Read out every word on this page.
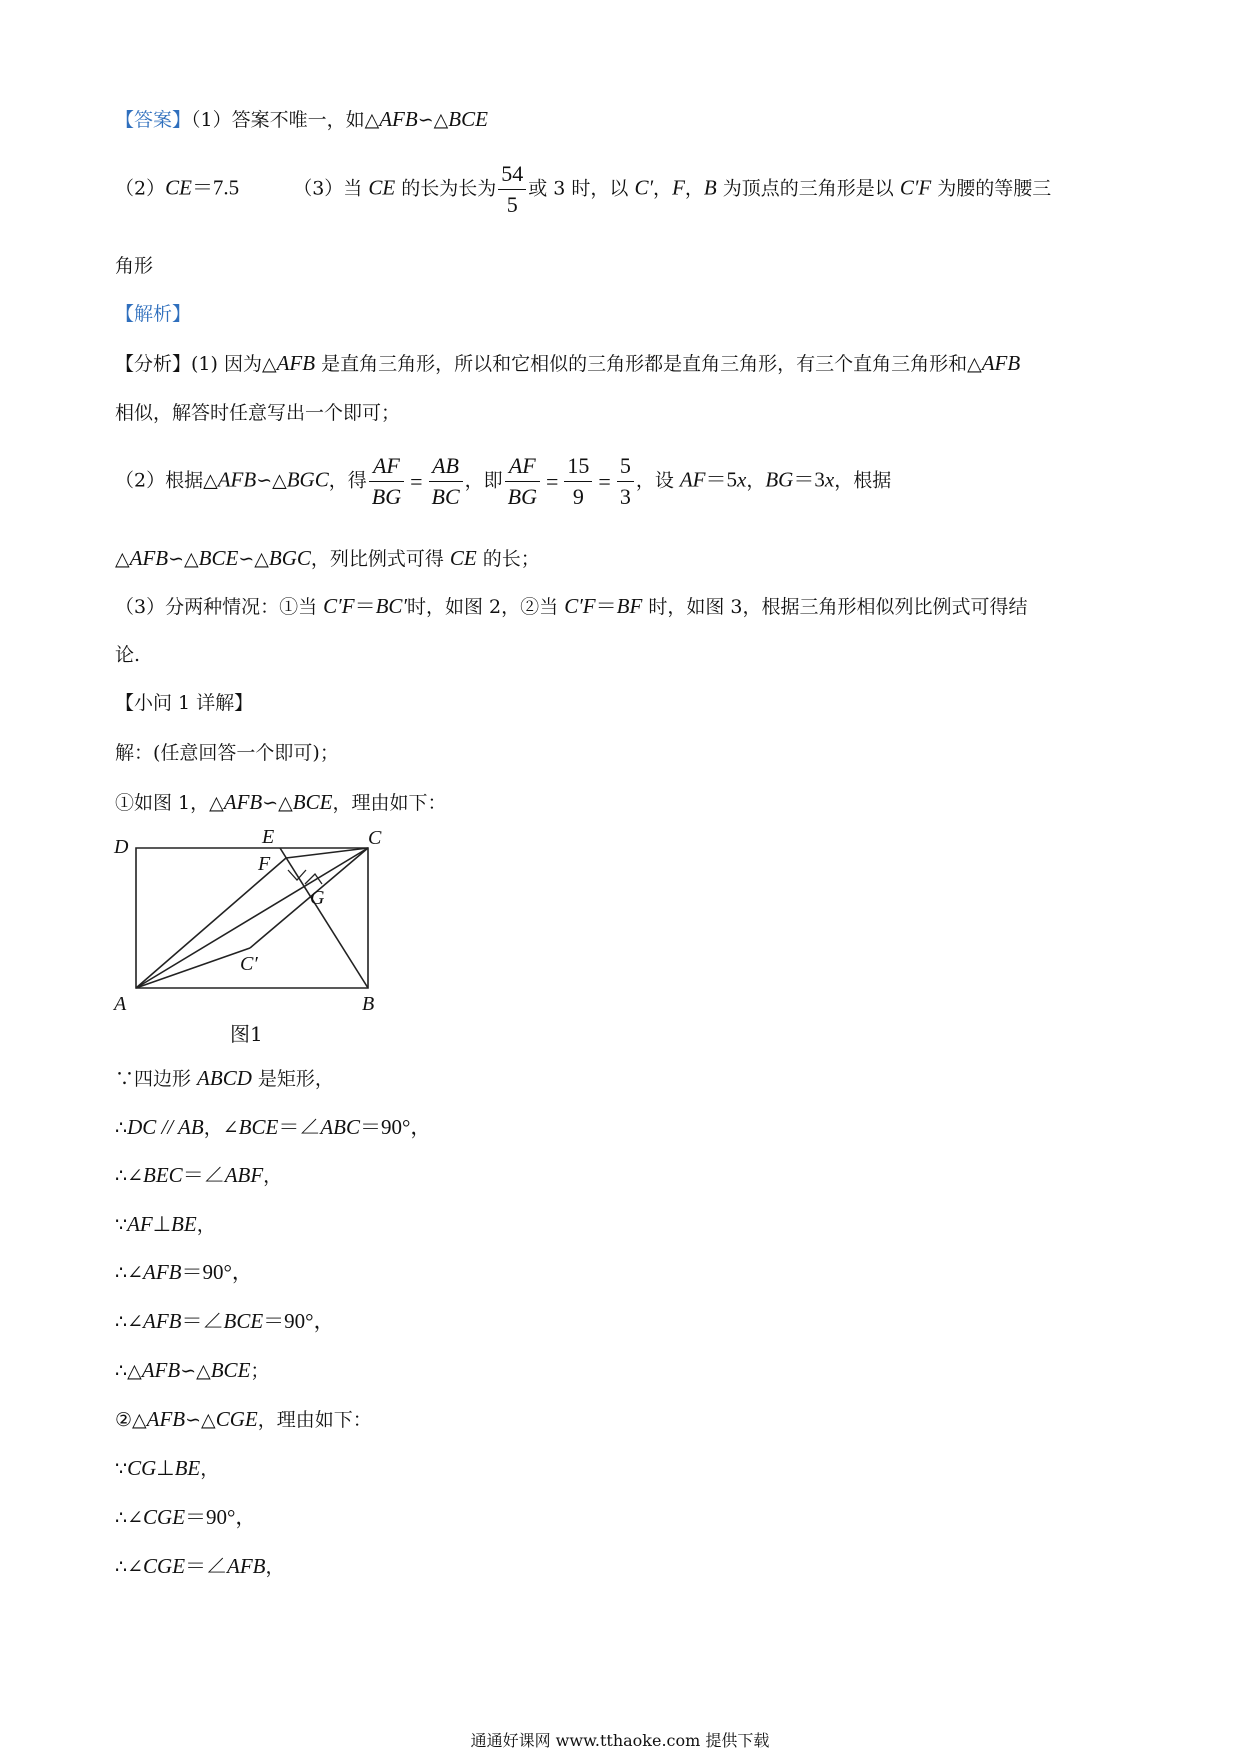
【答案】（1）答案不唯一，如△AFB∽△BCE
（2）CE＝7.5	（3）当 CE 的长为长为 $\frac{54}{5}$ 或 3 时，以 C′，F，B 为顶点的三角形是以 C′F 为腰的等腰三
角形
【解析】
【分析】(1) 因为△AFB 是直角三角形，所以和它相似的三角形都是直角三角形，有三个直角三角形和△AFB
相似，解答时任意写出一个即可；
（2）根据△AFB∽△BGC，得 $\frac{AF}{BG} = \frac{AB}{BC}$ ，即 $\frac{AF}{BG} = \frac{15}{9} = \frac{5}{3}$ ，设 AF＝5x，BG＝3x，根据
△AFB∽△BCE∽△BGC，列比例式可得 CE 的长；
（3）分两种情况：①当 C′F＝BC′时，如图 2，②当 C′F＝BF 时，如图 3，根据三角形相似列比例式可得结
论.
【小问 1 详解】
解：(任意回答一个即可)；
①如图 1，△AFB∽△BCE，理由如下：
D	E	C
F
G
C′
A	B
图1
∵四边形 ABCD 是矩形，
∴DC // AB，∠BCE＝∠ABC＝90°，
∴∠BEC＝∠ABF，
∵AF⊥BE，
∴∠AFB＝90°，
∴∠AFB＝∠BCE＝90°，
∴△AFB∽△BCE；
②△AFB∽△CGE，理由如下：
∵CG⊥BE，
∴∠CGE＝90°，
∴∠CGE＝∠AFB，
通通好课网 www.tthaoke.com 提供下载
